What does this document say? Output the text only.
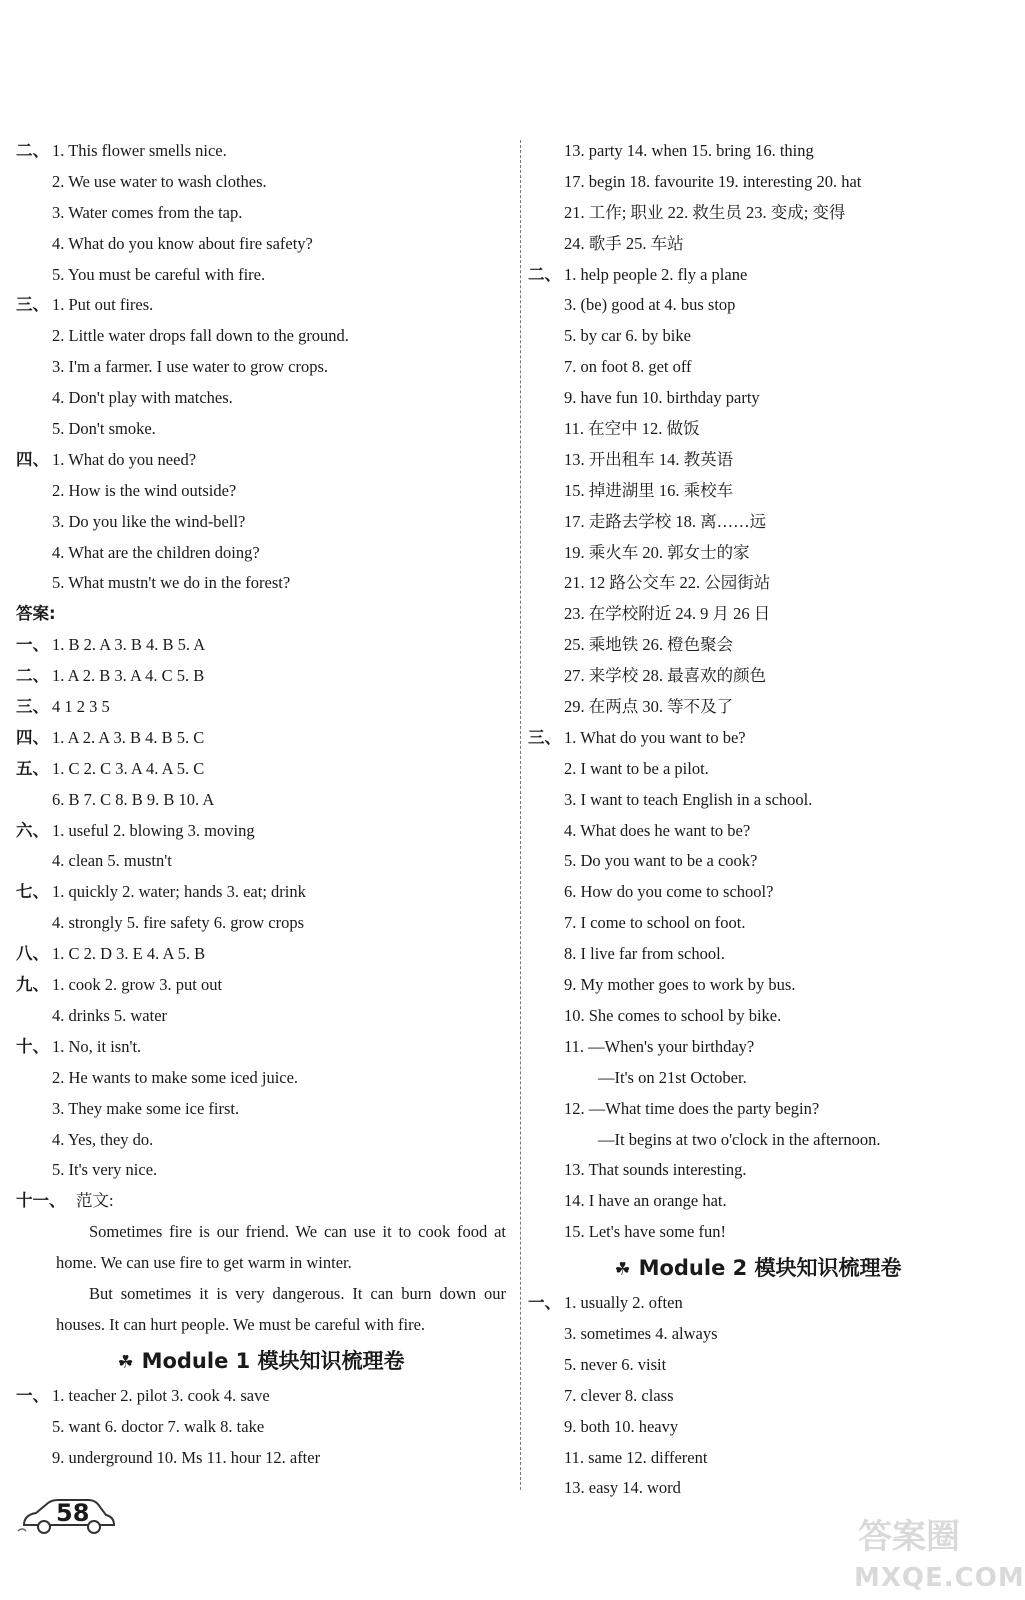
二、 1. This flower smells nice.
2. We use water to wash clothes.
3. Water comes from the tap.
4. What do you know about fire safety?
5. You must be careful with fire.
三、 1. Put out fires.
2. Little water drops fall down to the ground.
3. I'm a farmer. I use water to grow crops.
4. Don't play with matches.
5. Don't smoke.
四、 1. What do you need?
2. How is the wind outside?
3. Do you like the wind-bell?
4. What are the children doing?
5. What mustn't we do in the forest?
答案:
一、 1. B 2. A 3. B 4. B 5. A
二、 1. A 2. B 3. A 4. C 5. B
三、 4 1 2 3 5
四、 1. A 2. A 3. B 4. B 5. C
五、 1. C 2. C 3. A 4. A 5. C
6. B 7. C 8. B 9. B 10. A
六、 1. useful 2. blowing 3. moving
4. clean 5. mustn't
七、 1. quickly 2. water; hands 3. eat; drink
4. strongly 5. fire safety 6. grow crops
八、 1. C 2. D 3. E 4. A 5. B
九、 1. cook 2. grow 3. put out
4. drinks 5. water
十、 1. No, it isn't.
2. He wants to make some iced juice.
3. They make some ice first.
4. Yes, they do.
5. It's very nice.
十一、 范文:

Sometimes fire is our friend. We can use it to cook food at home. We can use fire to get warm in winter.

But sometimes it is very dangerous. It can burn down our houses. It can hurt people. We must be careful with fire.

☘ Module 1 模块知识梳理卷
一、 1. teacher 2. pilot 3. cook 4. save
5. want 6. doctor 7. walk 8. take
9. underground 10. Ms 11. hour 12. after
13. party 14. when 15. bring 16. thing
17. begin 18. favourite 19. interesting 20. hat
21. 工作; 职业 22. 救生员 23. 变成; 变得
24. 歌手 25. 车站
二、 1. help people 2. fly a plane
3. (be) good at 4. bus stop
5. by car 6. by bike
7. on foot 8. get off
9. have fun 10. birthday party
11. 在空中 12. 做饭
13. 开出租车 14. 教英语
15. 掉进湖里 16. 乘校车
17. 走路去学校 18. 离……远
19. 乘火车 20. 郭女士的家
21. 12 路公交车 22. 公园街站
23. 在学校附近 24. 9 月 26 日
25. 乘地铁 26. 橙色聚会
27. 来学校 28. 最喜欢的颜色
29. 在两点 30. 等不及了
三、 1. What do you want to be?
2. I want to be a pilot.
3. I want to teach English in a school.
4. What does he want to be?
5. Do you want to be a cook?
6. How do you come to school?
7. I come to school on foot.
8. I live far from school.
9. My mother goes to work by bus.
10. She comes to school by bike.
11. —When's your birthday?
—It's on 21st October.
12. —What time does the party begin?
—It begins at two o'clock in the afternoon.
13. That sounds interesting.
14. I have an orange hat.
15. Let's have some fun!
☘ Module 2 模块知识梳理卷
一、 1. usually 2. often
3. sometimes 4. always
5. never 6. visit
7. clever 8. class
9. both 10. heavy
11. same 12. different
13. easy 14. word
58
答案圈
MXQE.COM
